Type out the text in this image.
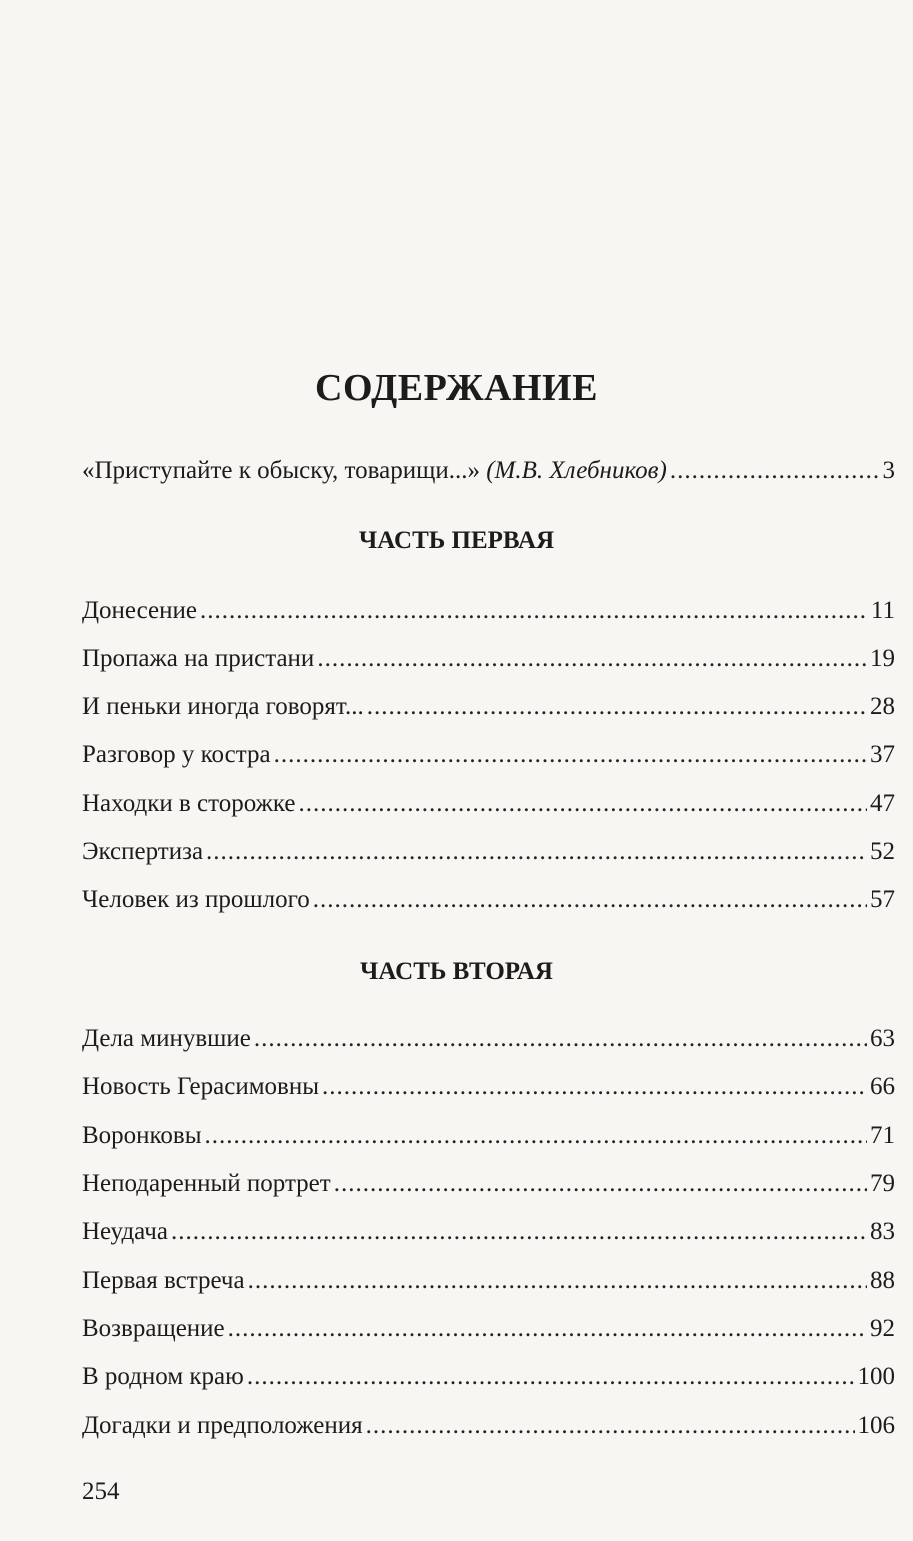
СОДЕРЖАНИЕ
«Приступайте к обыску, товарищи...» (М.В. Хлебников) .....	3
ЧАСТЬ ПЕРВАЯ
Донесение .....	11
Пропажа на пристани .....	19
И пеньки иногда говорят... .....	28
Разговор у костра .....	37
Находки в сторожке .....	47
Экспертиза .....	52
Человек из прошлого .....	57
ЧАСТЬ ВТОРАЯ
Дела минувшие .....	63
Новость Герасимовны .....	66
Воронковы .....	71
Неподаренный портрет .....	79
Неудача .....	83
Первая встреча .....	88
Возвращение .....	92
В родном краю .....	100
Догадки и предположения .....	106
254
